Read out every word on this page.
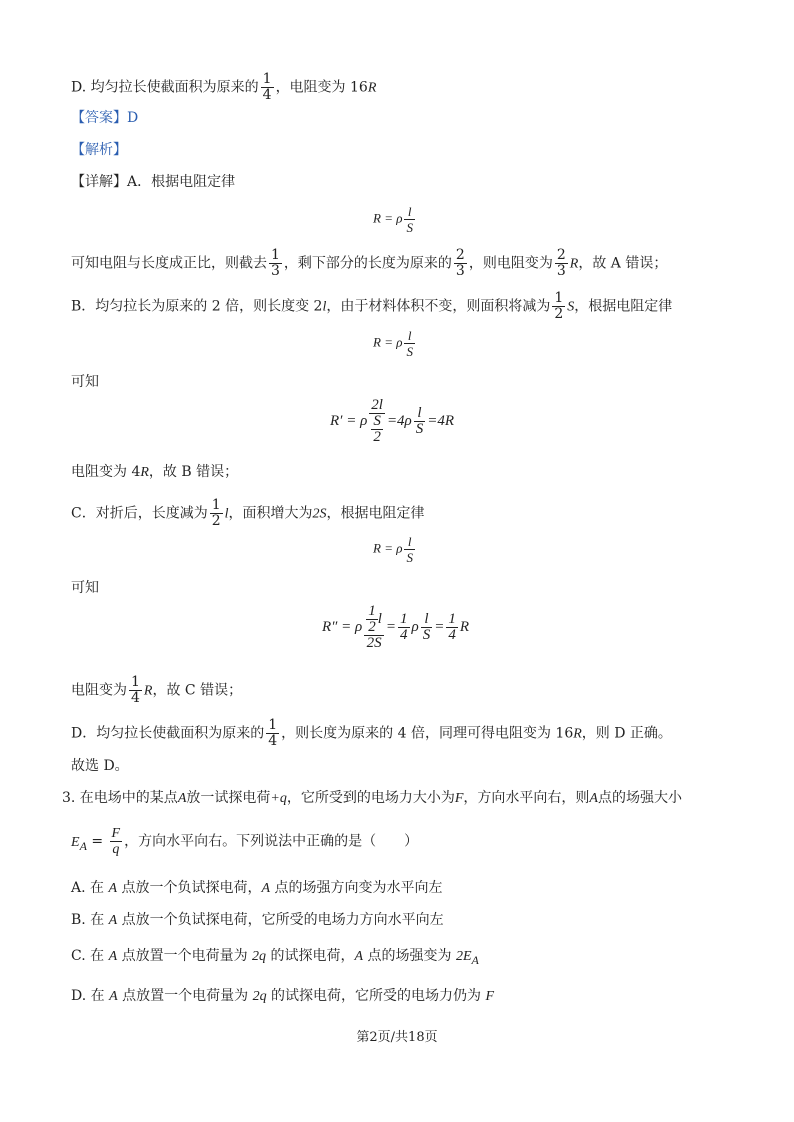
D. 均匀拉长使截面积为原来的 $\frac{1}{4}$ ，电阻变为 16R
【答案】D
【解析】
【详解】A．根据电阻定律
R = ρ $\frac{l}{S}$
可知电阻与长度成正比，则截去 $\frac{1}{3}$ ，剩下部分的长度为原来的 $\frac{2}{3}$ ，则电阻变为 $\frac{2}{3}$ R，故 A 错误；
B．均匀拉长为原来的 2 倍，则长度变 2l，由于材料体积不变，则面积将减为 $\frac{1}{2}$ S，根据电阻定律
R = ρ $\frac{l}{S}$
可知
R′ = ρ $\frac{2l}{\frac{S}{2}} =4\rho \frac{l}{S} =4R$
电阻变为 4R，故 B 错误；
C．对折后，长度减为 $\frac{1}{2}$ l，面积增大为2S，根据电阻定律
R = ρ $\frac{l}{S}$
可知
R″ = ρ $\frac{\frac{1}{2} l}{2S} = \frac{1}{4}$ ρ $\frac{l}{S} = \frac{1}{4}$ R
电阻变为 $\frac{1}{4}$ R，故 C 错误；
D．均匀拉长使截面积为原来的 $\frac{1}{4}$ ，则长度为原来的 4 倍，同理可得电阻变为 16R，则 D 正确。
故选 D。
3. 在电场中的某点A放一试探电荷+q，它所受到的电场力大小为F，方向水平向右，则A点的场强大小
$E_A = \frac{F}{q}$ ，方向水平向右。下列说法中正确的是（　　）
A. 在 A 点放一个负试探电荷，A 点的场强方向变为水平向左
B. 在 A 点放一个负试探电荷，它所受的电场力方向水平向左
C. 在 A 点放置一个电荷量为 2q 的试探电荷，A 点的场强变为 $2E_A$
D. 在 A 点放置一个电荷量为 2q 的试探电荷，它所受的电场力仍为 F
第2页/共18页
